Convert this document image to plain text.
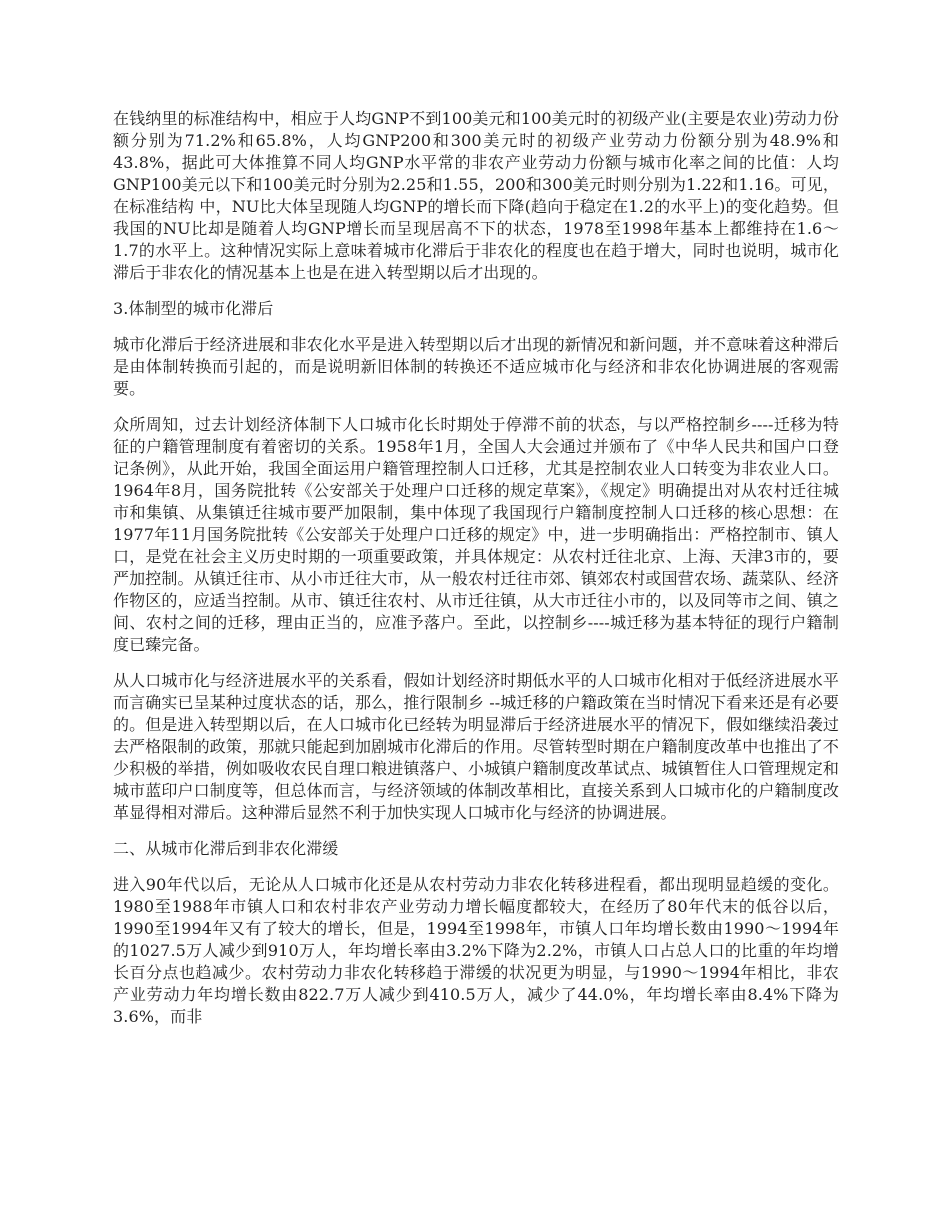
在钱纳里的标准结构中，相应于人均GNP不到100美元和100美元时的初级产业(主要是农业)劳动力份额分别为71.2%和65.8%，人均GNP200和300美元时的初级产业劳动力份额分别为48.9%和43.8%，据此可大体推算不同人均GNP水平常的非农产业劳动力份额与城市化率之间的比值：人均GNP100美元以下和100美元时分别为2.25和1.55，200和300美元时则分别为1.22和1.16。可见，在标准结构 中，NU比大体呈现随人均GNP的增长而下降(趋向于稳定在1.2的水平上)的变化趋势。但我国的NU比却是随着人均GNP增长而呈现居高不下的状态，1978至1998年基本上都维持在1.6～1.7的水平上。这种情况实际上意味着城市化滞后于非农化的程度也在趋于增大，同时也说明，城市化滞后于非农化的情况基本上也是在进入转型期以后才出现的。

3.体制型的城市化滞后

城市化滞后于经济进展和非农化水平是进入转型期以后才出现的新情况和新问题，并不意味着这种滞后是由体制转换而引起的，而是说明新旧体制的转换还不适应城市化与经济和非农化协调进展的客观需要。

众所周知，过去计划经济体制下人口城市化长时期处于停滞不前的状态，与以严格控制乡----迁移为特征的户籍管理制度有着密切的关系。1958年1月，全国人大会通过并颁布了《中华人民共和国户口登记条例》，从此开始，我国全面运用户籍管理控制人口迁移，尤其是控制农业人口转变为非农业人口。 1964年8月，国务院批转《公安部关于处理户口迁移的规定草案》，《规定》明确提出对从农村迁往城市和集镇、从集镇迁往城市要严加限制，集中体现了我国现行户籍制度控制人口迁移的核心思想：在1977年11月国务院批转《公安部关于处理户口迁移的规定》中，进一步明确指出：严格控制市、镇人口，是党在社会主义历史时期的一项重要政策，并具体规定：从农村迁往北京、上海、天津3市的，要严加控制。从镇迁往市、从小市迁往大市，从一般农村迁往市郊、镇郊农村或国营农场、蔬菜队、经济作物区的，应适当控制。从市、镇迁往农村、从市迁往镇，从大市迁往小市的，以及同等市之间、镇之间、农村之间的迁移，理由正当的，应准予落户。至此，以控制乡----城迁移为基本特征的现行户籍制度已臻完备。

从人口城市化与经济进展水平的关系看，假如计划经济时期低水平的人口城市化相对于低经济进展水平而言确实已呈某种过度状态的话，那么，推行限制乡 --城迁移的户籍政策在当时情况下看来还是有必要的。但是进入转型期以后，在人口城市化已经转为明显滞后于经济进展水平的情况下，假如继续沿袭过去严格限制的政策，那就只能起到加剧城市化滞后的作用。尽管转型时期在户籍制度改革中也推出了不少积极的举措，例如吸收农民自理口粮进镇落户、小城镇户籍制度改革试点、城镇暂住人口管理规定和城市蓝印户口制度等，但总体而言，与经济领域的体制改革相比，直接关系到人口城市化的户籍制度改革显得相对滞后。这种滞后显然不利于加快实现人口城市化与经济的协调进展。

二、从城市化滞后到非农化滞缓

进入90年代以后，无论从人口城市化还是从农村劳动力非农化转移进程看，都出现明显趋缓的变化。1980至1988年市镇人口和农村非农产业劳动力增长幅度都较大，在经历了80年代末的低谷以后，1990至1994年又有了较大的增长，但是，1994至1998年，市镇人口年均增长数由1990～1994年的1027.5万人减少到910万人，年均增长率由3.2%下降为2.2%，市镇人口占总人口的比重的年均增长百分点也趋减少。农村劳动力非农化转移趋于滞缓的状况更为明显，与1990～1994年相比，非农产业劳动力年均增长数由822.7万人减少到410.5万人，减少了44.0%，年均增长率由8.4%下降为3.6%，而非
